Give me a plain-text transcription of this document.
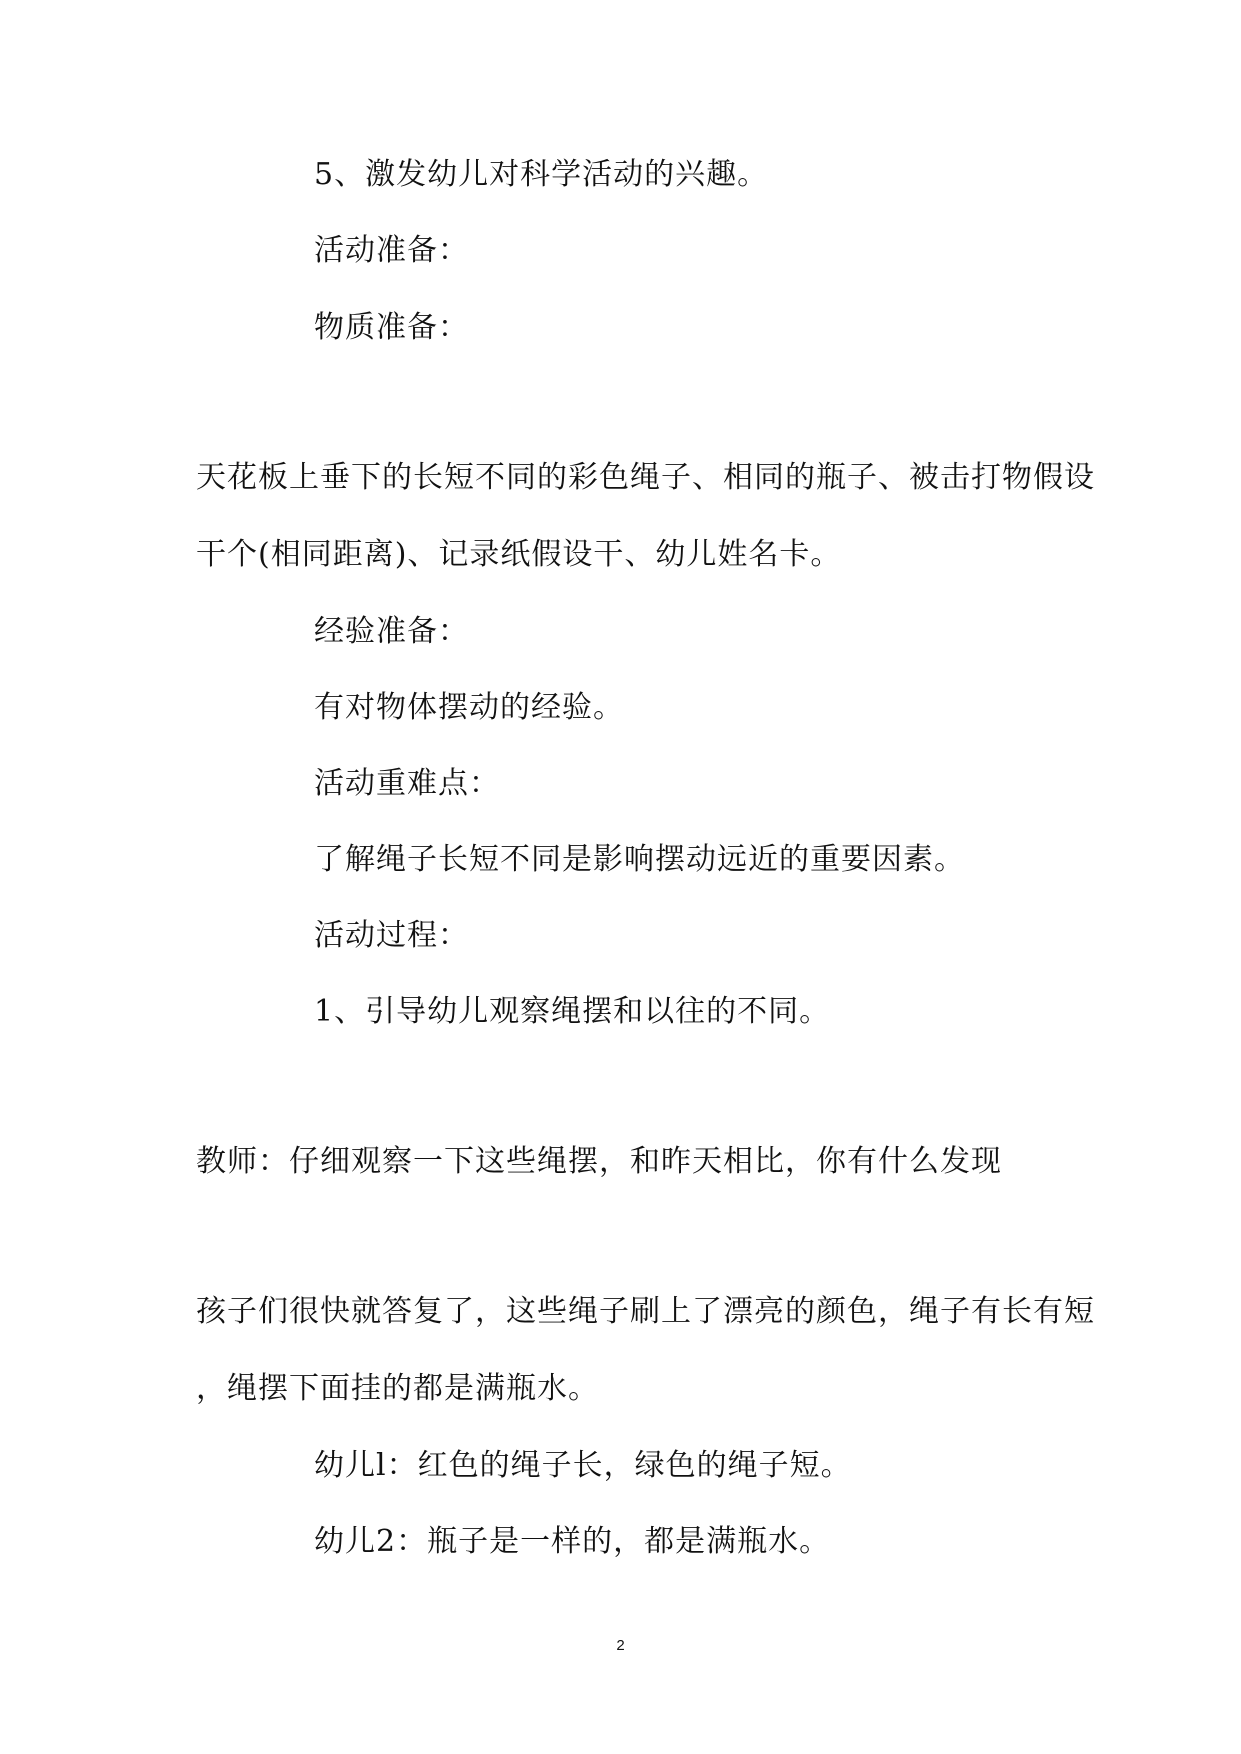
5、激发幼儿对科学活动的兴趣。
活动准备：
物质准备：
天花板上垂下的长短不同的彩色绳子、相同的瓶子、被击打物假设
干个(相同距离)、记录纸假设干、幼儿姓名卡。
经验准备：
有对物体摆动的经验。
活动重难点：
了解绳子长短不同是影响摆动远近的重要因素。
活动过程：
1、引导幼儿观察绳摆和以往的不同。
教师：仔细观察一下这些绳摆，和昨天相比，你有什么发现
孩子们很快就答复了，这些绳子刷上了漂亮的颜色，绳子有长有短
，绳摆下面挂的都是满瓶水。
幼儿l：红色的绳子长，绿色的绳子短。
幼儿2：瓶子是一样的，都是满瓶水。
2
